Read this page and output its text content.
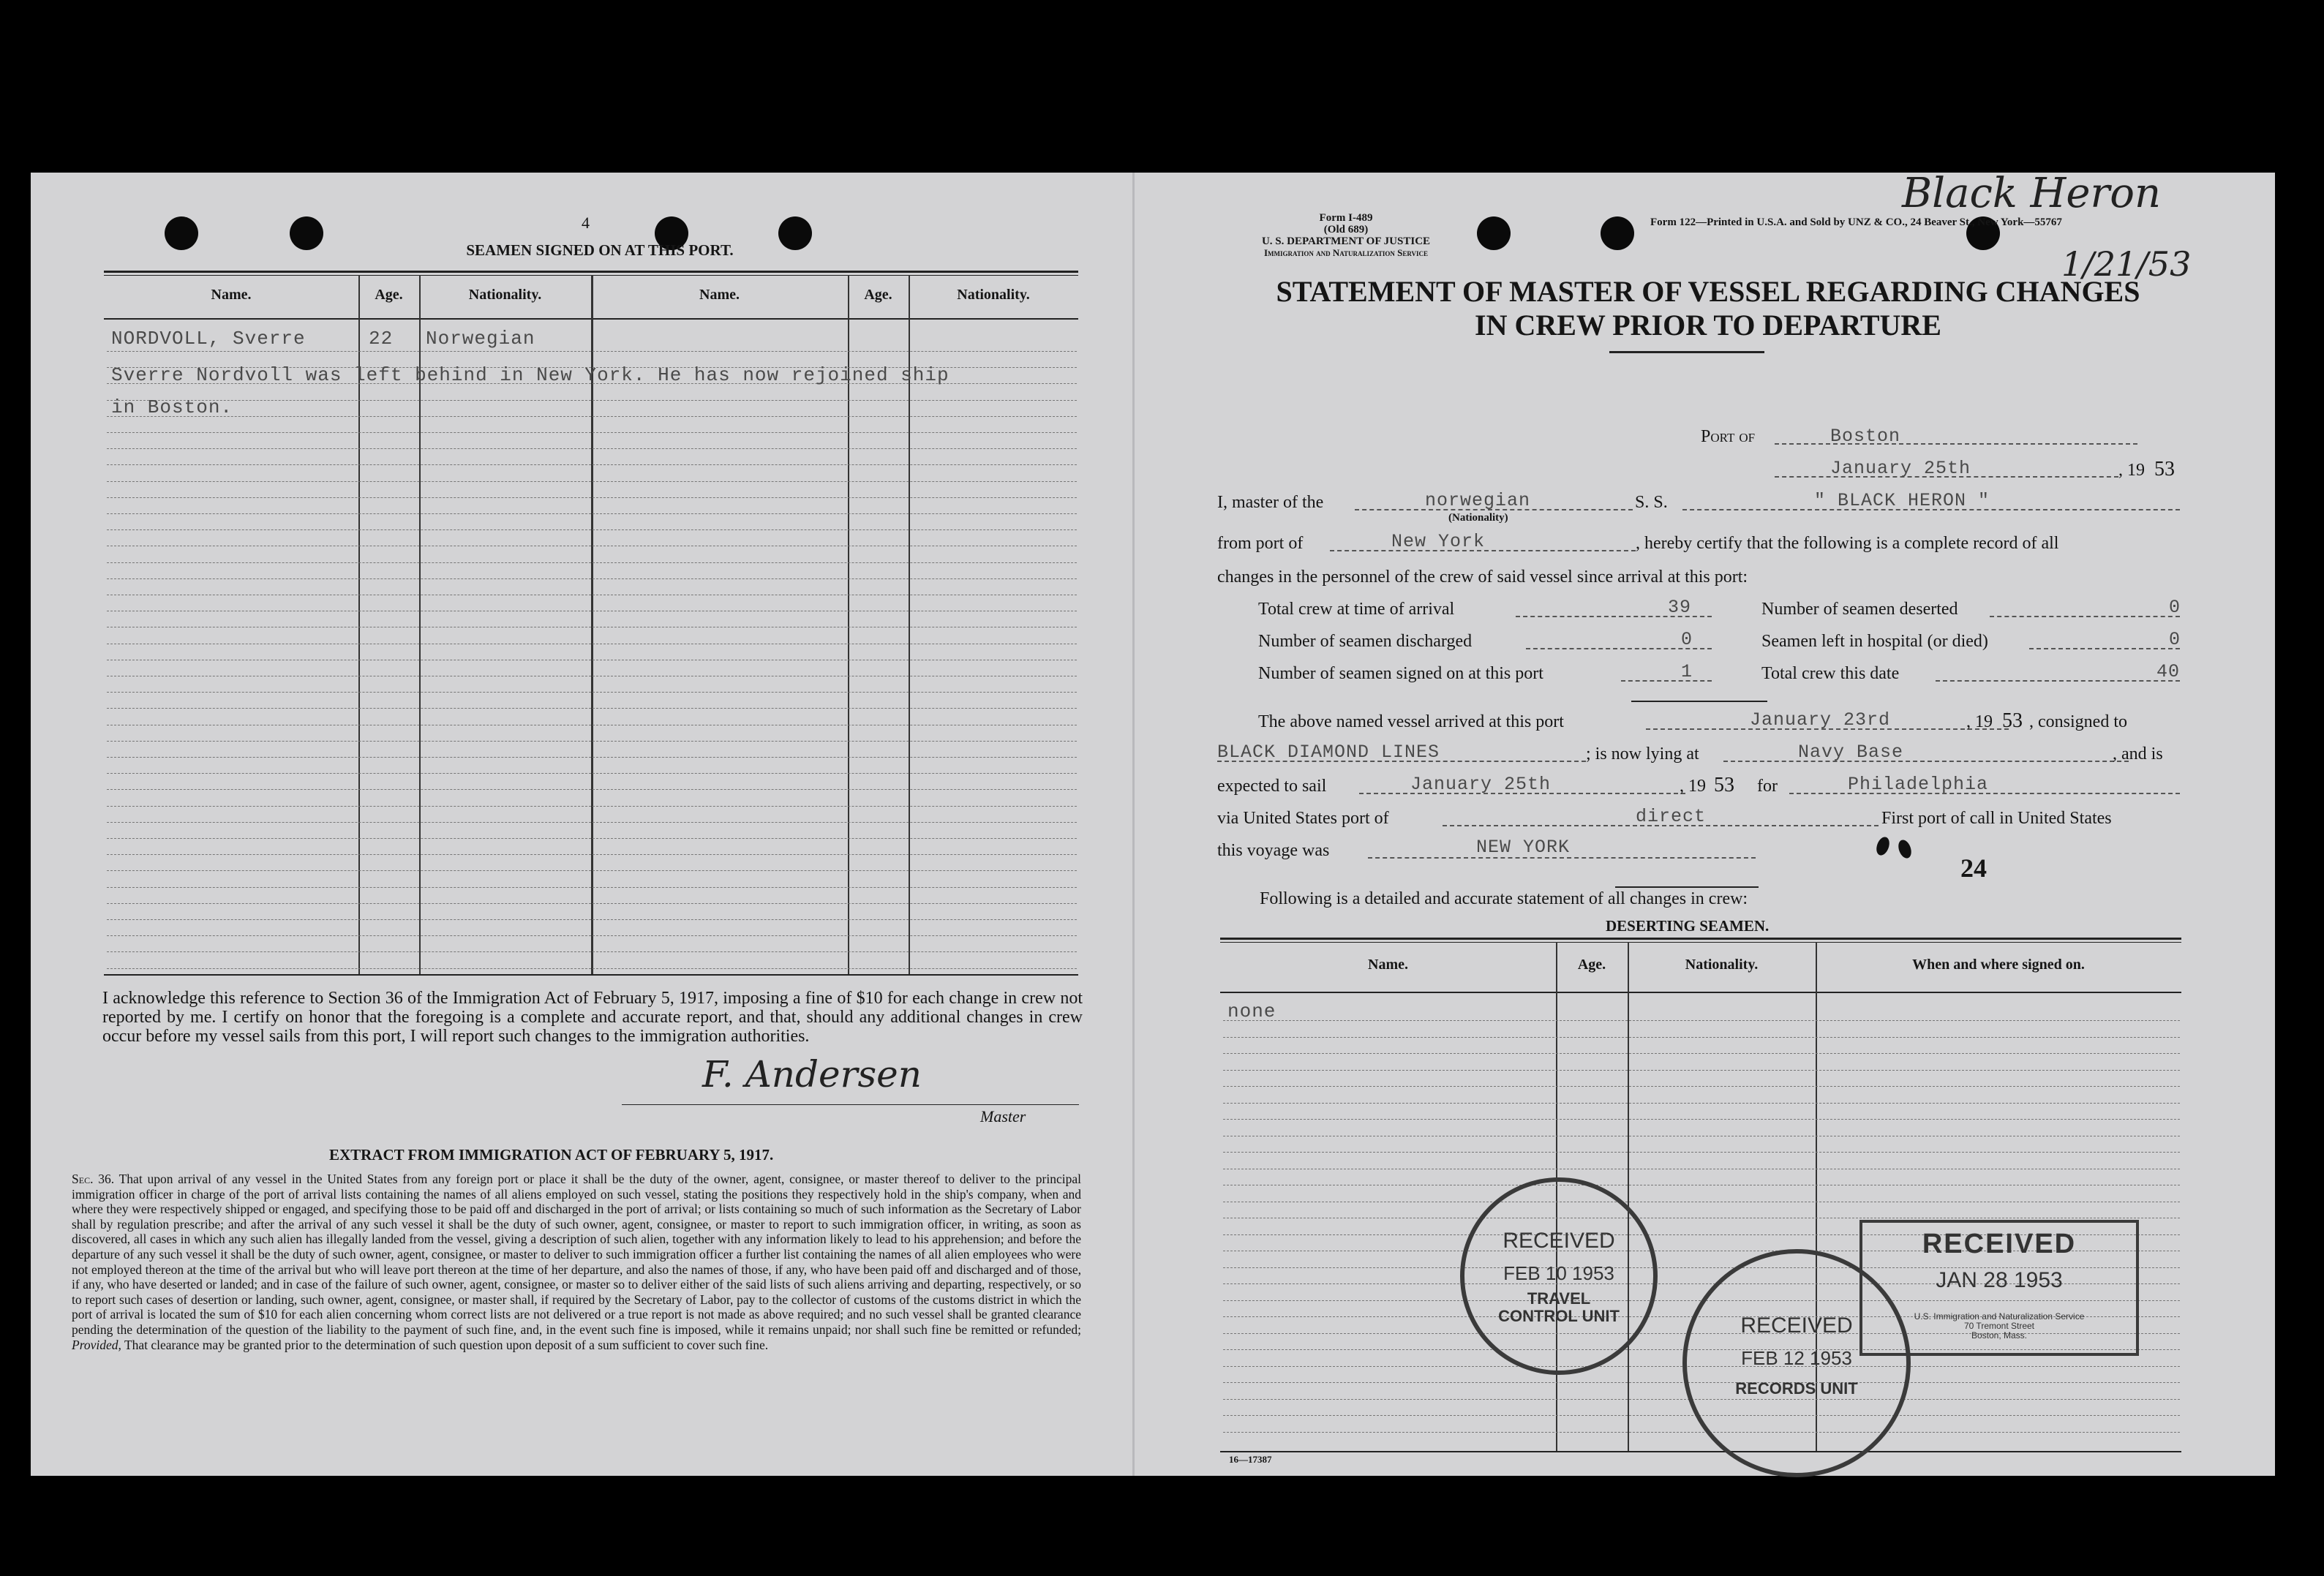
4
SEAMEN SIGNED ON AT THIS PORT.
Name.	Age.	Nationality.	Name.	Age.	Nationality.
NORDVOLL, Sverre	22 Norwegian
Sverre Nordvoll was left behind in New York. He has now rejoined ship
in Boston.
I acknowledge this reference to Section 36 of the Immigration Act of February 5, 1917, imposing a fine of $10 for each change in crew not reported by me. I certify on honor that the foregoing is a complete and accurate report, and that, should any additional changes in crew occur before my vessel sails from this port, I will report such changes to the immigration authorities.
F. Andersen
Master
EXTRACT FROM IMMIGRATION ACT OF FEBRUARY 5, 1917.
Sec. 36. That upon arrival of any vessel in the United States from any foreign port or place it shall be the duty of the owner, agent, consignee, or master thereof to deliver to the principal immigration officer in charge of the port of arrival lists containing the names of all aliens employed on such vessel, stating the positions they respectively hold in the ship's company, when and where they were respectively shipped or engaged, and specifying those to be paid off and discharged in the port of arrival; or lists containing so much of such information as the Secretary of Labor shall by regulation prescribe; and after the arrival of any such vessel it shall be the duty of such owner, agent, consignee, or master to report to such immigration officer, in writing, as soon as discovered, all cases in which any such alien has illegally landed from the vessel, giving a description of such alien, together with any information likely to lead to his apprehension; and before the departure of any such vessel it shall be the duty of such owner, agent, consignee, or master to deliver to such immigration officer a further list containing the names of all alien employees who were not employed thereon at the time of the arrival but who will leave port thereon at the time of her departure, and also the names of those, if any, who have been paid off and discharged and of those, if any, who have deserted or landed; and in case of the failure of such owner, agent, consignee, or master so to deliver either of the said lists of such aliens arriving and departing, respectively, or so to report such cases of desertion or landing, such owner, agent, consignee, or master shall, if required by the Secretary of Labor, pay to the collector of customs of the customs district in which the port of arrival is located the sum of $10 for each alien concerning whom correct lists are not delivered or a true report is not made as above required; and no such vessel shall be granted clearance pending the determination of the question of the liability to the payment of such fine, and, in the event such fine is imposed, while it remains unpaid; nor shall such fine be remitted or refunded; Provided, That clearance may be granted prior to the determination of such question upon deposit of a sum sufficient to cover such fine.
Form I-489
(Old 689)
U. S. DEPARTMENT OF JUSTICE
Immigration and Naturalization Service
Form 122—Printed in U.S.A. and Sold by UNZ & CO., 24 Beaver St., New York—55767
Black Heron
1/21/53
STATEMENT OF MASTER OF VESSEL REGARDING CHANGES
IN CREW PRIOR TO DEPARTURE
Port of	Boston
January 25th	, 19 53
I, master of the	norwegian
(Nationality)
S. S.	" BLACK HERON "
from port of	New York	, hereby certify that the following is a complete record of all
changes in the personnel of the crew of said vessel since arrival at this port:
Total crew at time of arrival	39	Number of seamen deserted	0
Number of seamen discharged	0	Seamen left in hospital (or died)	0
Number of seamen signed on at this port	1	Total crew this date	40
The above named vessel arrived at this port	January 23rd	, 19 53 , consigned to
BLACK DIAMOND LINES	; is now lying at	Navy Base	, and is
expected to sail	January 25th	, 19 53 for	Philadelphia
via United States port of	direct	First port of call in United States
this voyage was	NEW YORK
24
Following is a detailed and accurate statement of all changes in crew:
DESERTING SEAMEN.
Name.	Age.	Nationality.	When and where signed on.
none
16—17387
RECEIVED
FEB 10 1953
TRAVEL CONTROL UNIT	RECEIVED
FEB 12 1953
RECORDS UNIT
RECEIVED
JAN 28 1953
U.S. Immigration and Naturalization Service
70 Tremont Street
Boston, Mass.
